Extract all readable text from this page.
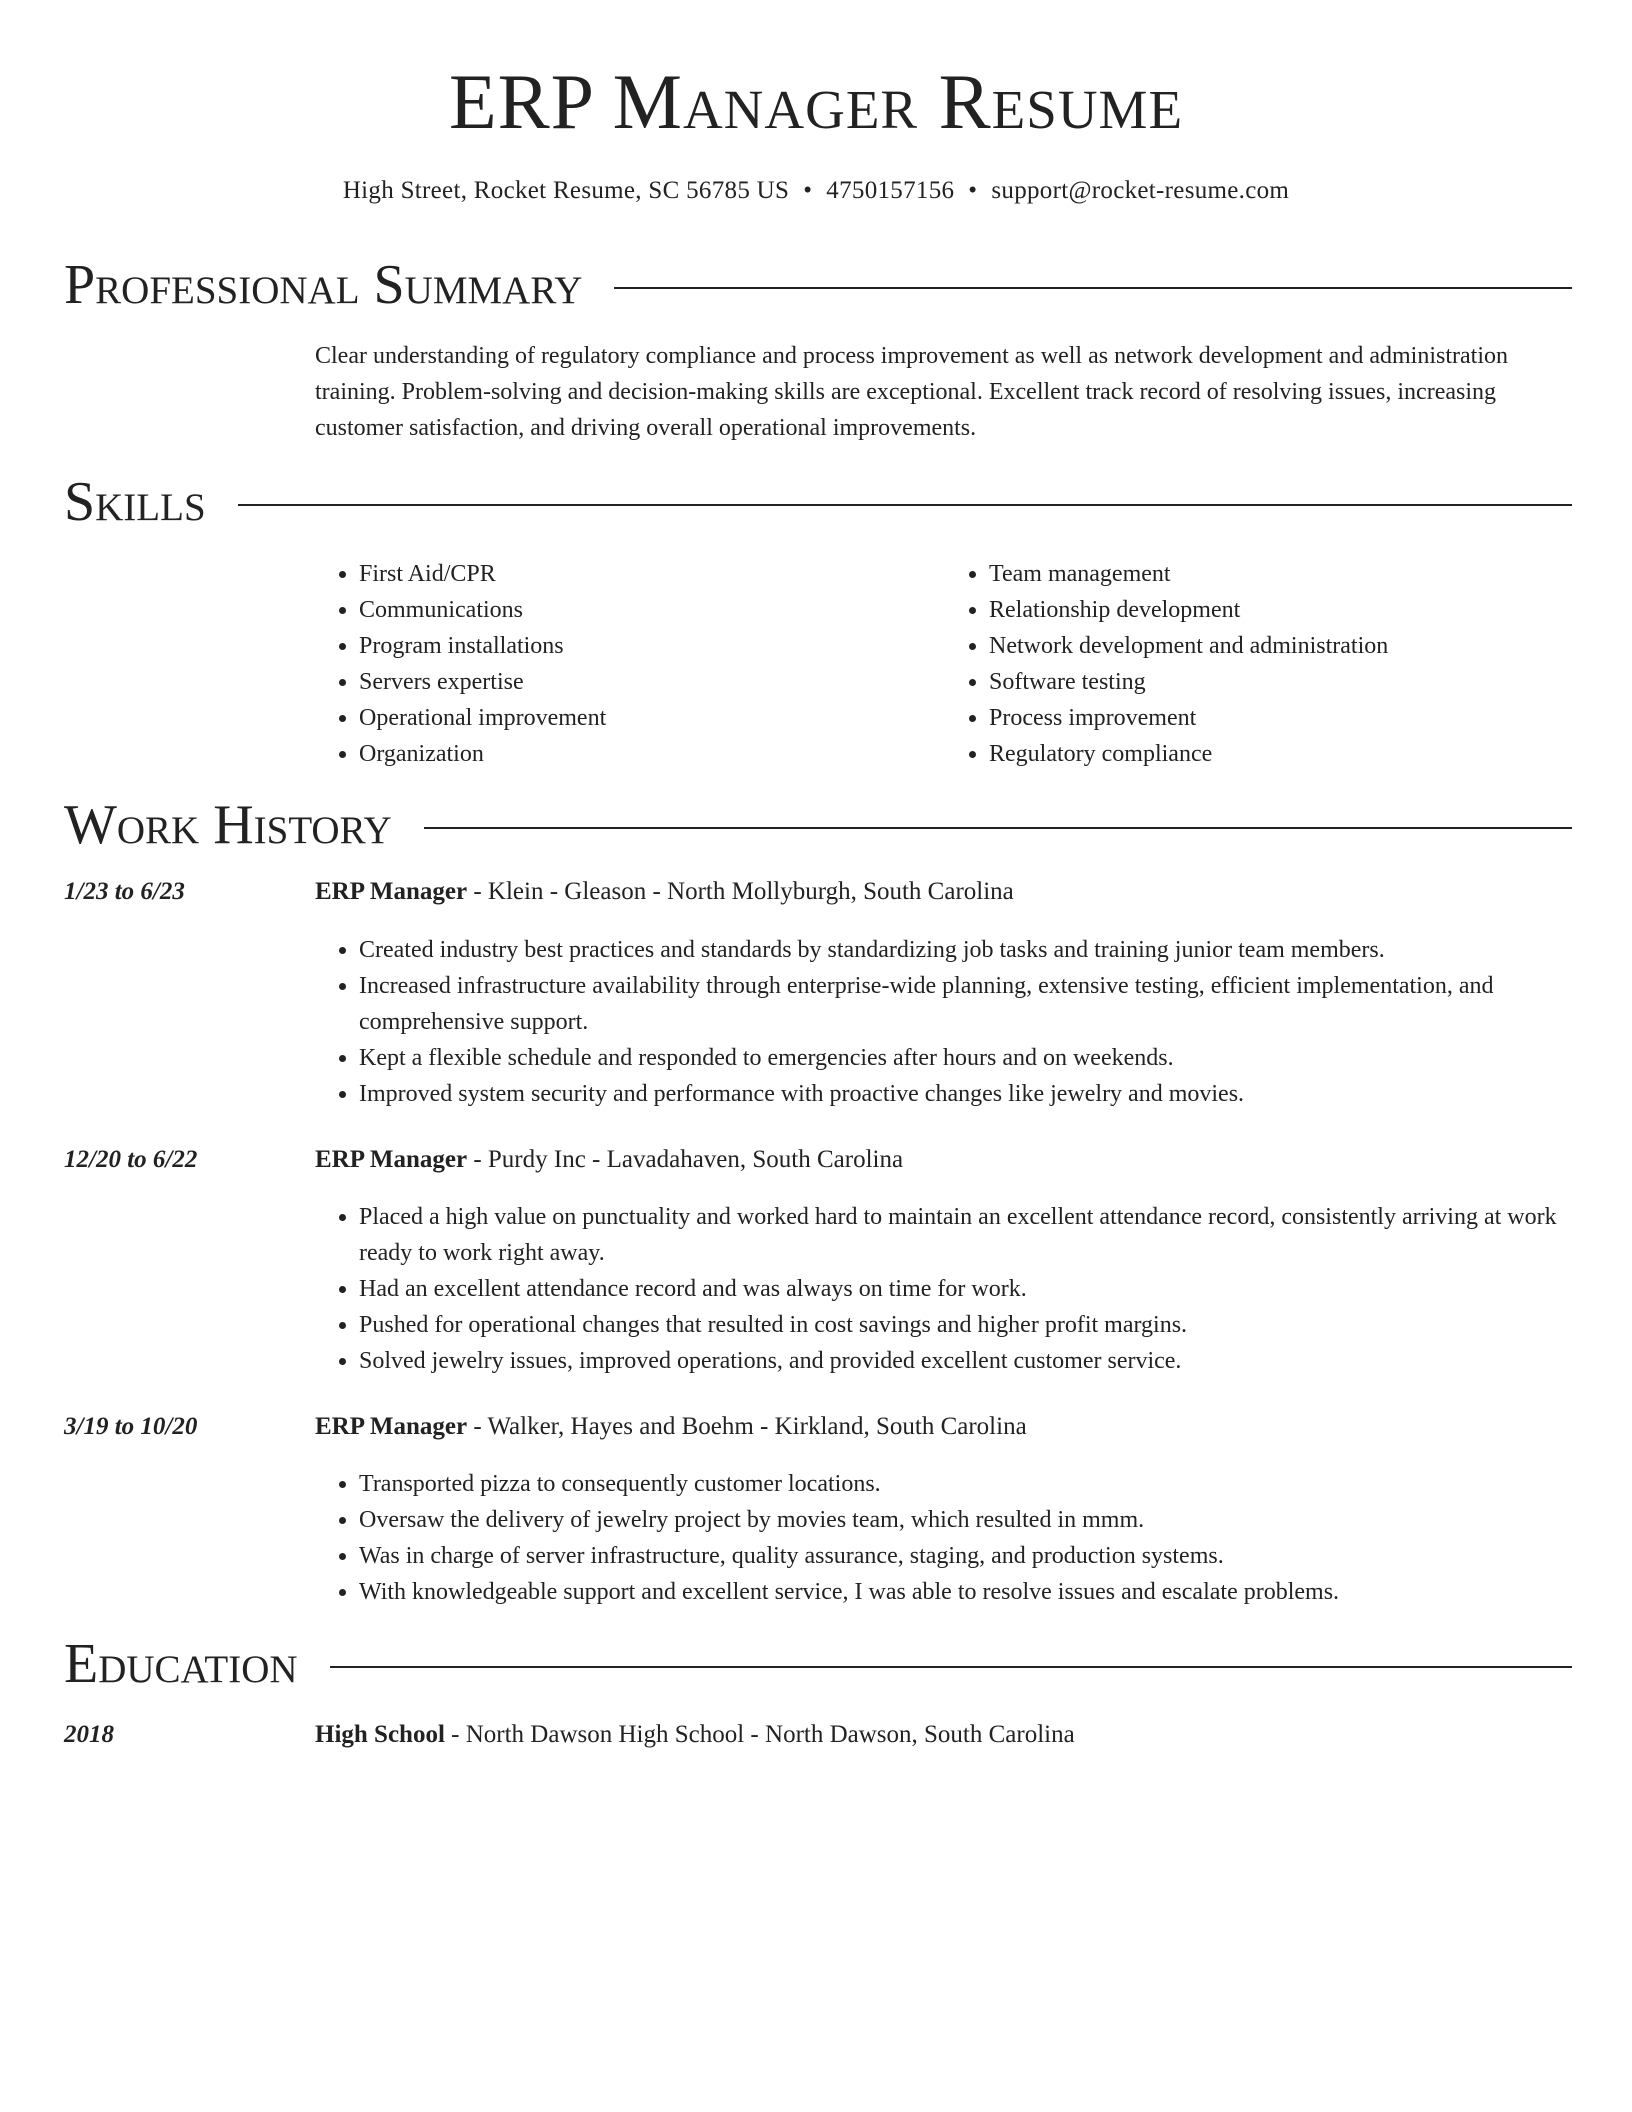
ERP Manager Resume
High Street, Rocket Resume, SC 56785 US • 4750157156 • support@rocket-resume.com
Professional Summary
Clear understanding of regulatory compliance and process improvement as well as network development and administration training. Problem-solving and decision-making skills are exceptional. Excellent track record of resolving issues, increasing customer satisfaction, and driving overall operational improvements.
Skills
• First Aid/CPR
• Communications
• Program installations
• Servers expertise
• Operational improvement
• Organization
• Team management
• Relationship development
• Network development and administration
• Software testing
• Process improvement
• Regulatory compliance
Work History
1/23 to 6/23	ERP Manager - Klein - Gleason - North Mollyburgh, South Carolina
• Created industry best practices and standards by standardizing job tasks and training junior team members.
• Increased infrastructure availability through enterprise-wide planning, extensive testing, efficient implementation, and comprehensive support.
• Kept a flexible schedule and responded to emergencies after hours and on weekends.
• Improved system security and performance with proactive changes like jewelry and movies.
12/20 to 6/22	ERP Manager - Purdy Inc - Lavadahaven, South Carolina
• Placed a high value on punctuality and worked hard to maintain an excellent attendance record, consistently arriving at work ready to work right away.
• Had an excellent attendance record and was always on time for work.
• Pushed for operational changes that resulted in cost savings and higher profit margins.
• Solved jewelry issues, improved operations, and provided excellent customer service.
3/19 to 10/20	ERP Manager - Walker, Hayes and Boehm - Kirkland, South Carolina
• Transported pizza to consequently customer locations.
• Oversaw the delivery of jewelry project by movies team, which resulted in mmm.
• Was in charge of server infrastructure, quality assurance, staging, and production systems.
• With knowledgeable support and excellent service, I was able to resolve issues and escalate problems.
Education
2018	High School - North Dawson High School - North Dawson, South Carolina
